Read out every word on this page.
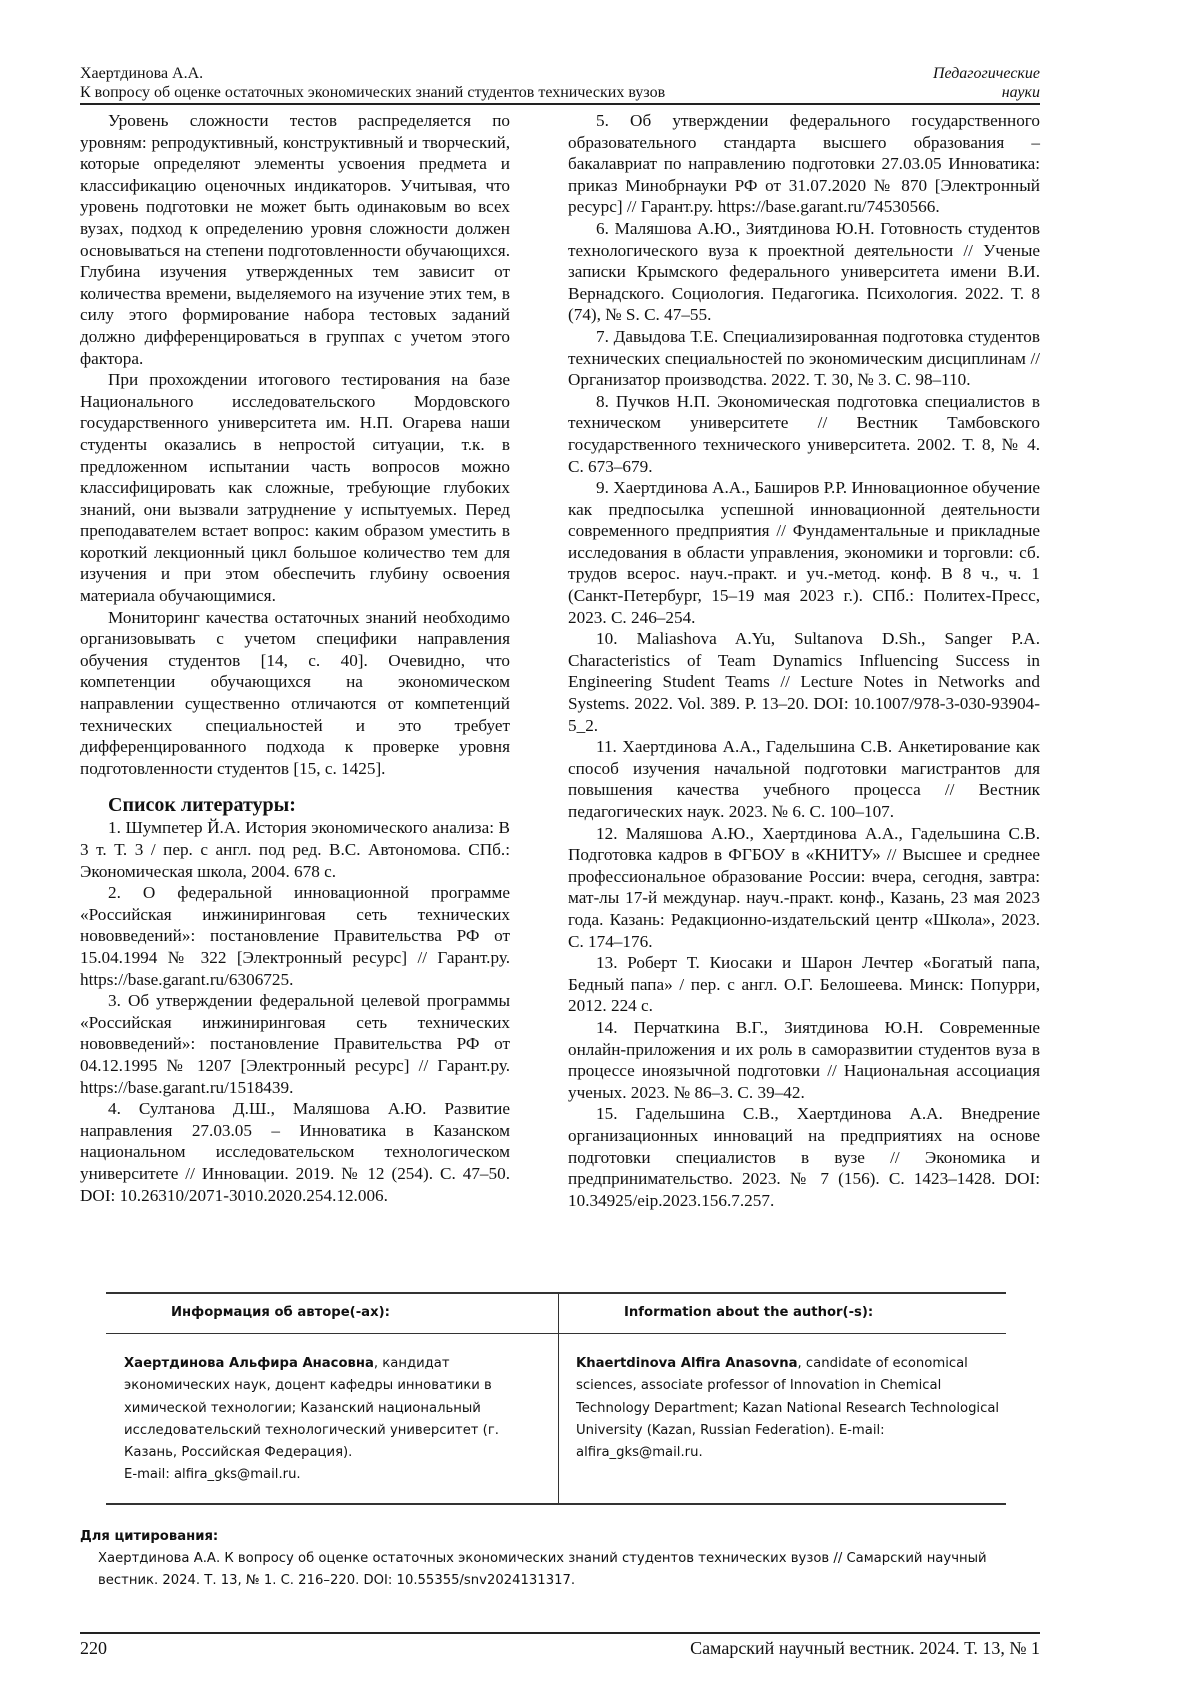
Хаертдинова А.А.
К вопросу об оценке остаточных экономических знаний студентов технических вузов
Педагогические
науки

Уровень сложности тестов распределяется по уровням: репродуктивный, конструктивный и творческий, которые определяют элементы усвоения предмета и классификацию оценочных индикаторов. Учитывая, что уровень подготовки не может быть одинаковым во всех вузах, подход к определению уровня сложности должен основываться на степени подготовленности обучающихся. Глубина изучения утвержденных тем зависит от количества времени, выделяемого на изучение этих тем, в силу этого формирование набора тестовых заданий должно дифференцироваться в группах с учетом этого фактора.

При прохождении итогового тестирования на базе Национального исследовательского Мордовского государственного университета им. Н.П. Огарева наши студенты оказались в непростой ситуации, т.к. в предложенном испытании часть вопросов можно классифицировать как сложные, требующие глубоких знаний, они вызвали затруднение у испытуемых. Перед преподавателем встает вопрос: каким образом уместить в короткий лекционный цикл большое количество тем для изучения и при этом обеспечить глубину освоения материала обучающимися.

Мониторинг качества остаточных знаний необходимо организовывать с учетом специфики направления обучения студентов [14, с. 40]. Очевидно, что компетенции обучающихся на экономическом направлении существенно отличаются от компетенций технических специальностей и это требует дифференцированного подхода к проверке уровня подготовленности студентов [15, с. 1425].

Список литературы:

1. Шумпетер Й.А. История экономического анализа: В 3 т. Т. 3 / пер. с англ. под ред. В.С. Автономова. СПб.: Экономическая школа, 2004. 678 с.

2. О федеральной инновационной программе «Российская инжиниринговая сеть технических нововведений»: постановление Правительства РФ от 15.04.1994 № 322 [Электронный ресурс] // Гарант.ру. https://base.garant.ru/6306725.

3. Об утверждении федеральной целевой программы «Российская инжиниринговая сеть технических нововведений»: постановление Правительства РФ от 04.12.1995 № 1207 [Электронный ресурс] // Гарант.ру. https://base.garant.ru/1518439.

4. Султанова Д.Ш., Маляшова А.Ю. Развитие направления 27.03.05 – Инноватика в Казанском национальном исследовательском технологическом университете // Инновации. 2019. № 12 (254). С. 47–50. DOI: 10.26310/2071-3010.2020.254.12.006.

5. Об утверждении федерального государственного образовательного стандарта высшего образования – бакалавриат по направлению подготовки 27.03.05 Инноватика: приказ Минобрнауки РФ от 31.07.2020 № 870 [Электронный ресурс] // Гарант.ру. https://base.garant.ru/74530566.

6. Маляшова А.Ю., Зиятдинова Ю.Н. Готовность студентов технологического вуза к проектной деятельности // Ученые записки Крымского федерального университета имени В.И. Вернадского. Социология. Педагогика. Психология. 2022. Т. 8 (74), № S. С. 47–55.

7. Давыдова Т.Е. Специализированная подготовка студентов технических специальностей по экономическим дисциплинам // Организатор производства. 2022. Т. 30, № 3. С. 98–110.

8. Пучков Н.П. Экономическая подготовка специалистов в техническом университете // Вестник Тамбовского государственного технического университета. 2002. Т. 8, № 4. С. 673–679.

9. Хаертдинова А.А., Баширов Р.Р. Инновационное обучение как предпосылка успешной инновационной деятельности современного предприятия // Фундаментальные и прикладные исследования в области управления, экономики и торговли: сб. трудов всерос. науч.-практ. и уч.-метод. конф. В 8 ч., ч. 1 (Санкт-Петербург, 15–19 мая 2023 г.). СПб.: Политех-Пресс, 2023. С. 246–254.

10. Maliashova A.Yu, Sultanova D.Sh., Sanger P.A. Characteristics of Team Dynamics Influencing Success in Engineering Student Teams // Lecture Notes in Networks and Systems. 2022. Vol. 389. P. 13–20. DOI: 10.1007/978-3-030-93904-5_2.

11. Хаертдинова А.А., Гадельшина С.В. Анкетирование как способ изучения начальной подготовки магистрантов для повышения качества учебного процесса // Вестник педагогических наук. 2023. № 6. С. 100–107.

12. Маляшова А.Ю., Хаертдинова А.А., Гадельшина С.В. Подготовка кадров в ФГБОУ в «КНИТУ» // Высшее и среднее профессиональное образование России: вчера, сегодня, завтра: мат-лы 17-й междунар. науч.-практ. конф., Казань, 23 мая 2023 года. Казань: Редакционно-издательский центр «Школа», 2023. С. 174–176.

13. Роберт Т. Киосаки и Шарон Лечтер «Богатый папа, Бедный папа» / пер. с англ. О.Г. Белошеева. Минск: Попурри, 2012. 224 с.

14. Перчаткина В.Г., Зиятдинова Ю.Н. Современные онлайн-приложения и их роль в саморазвитии студентов вуза в процессе иноязычной подготовки // Национальная ассоциация ученых. 2023. № 86–3. С. 39–42.

15. Гадельшина С.В., Хаертдинова А.А. Внедрение организационных инноваций на предприятиях на основе подготовки специалистов в вузе // Экономика и предпринимательство. 2023. № 7 (156). С. 1423–1428. DOI: 10.34925/eip.2023.156.7.257.

Информация об авторе(-ах):	Information about the author(-s):
Хаертдинова Альфира Анасовна, кандидат экономических наук, доцент кафедры инноватики в химической технологии; Казанский национальный исследовательский технологический университет (г. Казань, Российская Федерация).
E-mail: alfira_gks@mail.ru.
Khaertdinova Alfira Anasovna, candidate of economical sciences, associate professor of Innovation in Chemical Technology Department; Kazan National Research Technological University (Kazan, Russian Federation). E-mail: alfira_gks@mail.ru.
Для цитирования:
Хаертдинова А.А. К вопросу об оценке остаточных экономических знаний студентов технических вузов // Самарский научный вестник. 2024. Т. 13, № 1. С. 216–220. DOI: 10.55355/snv2024131317.
220	Самарский научный вестник. 2024. Т. 13, № 1
